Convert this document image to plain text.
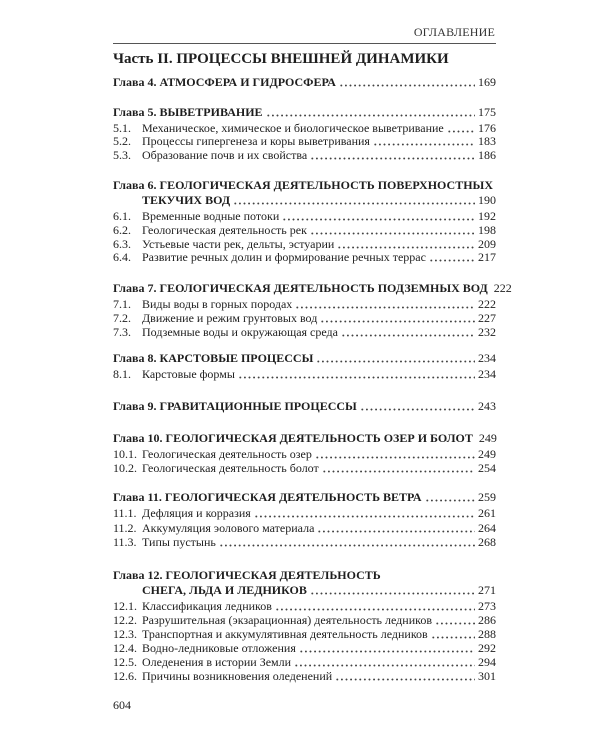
ОГЛАВЛЕНИЕ
Часть II. ПРОЦЕССЫ ВНЕШНЕЙ ДИНАМИКИ
Глава 4. АТМОСФЕРА И ГИДРОСФЕРА	169
Глава 5. ВЫВЕТРИВАНИЕ	175
5.1. Механическое, химическое и биологическое выветривание	176
5.2. Процессы гипергенеза и коры выветривания	183
5.3. Образование почв и их свойства	186
Глава 6. ГЕОЛОГИЧЕСКАЯ ДЕЯТЕЛЬНОСТЬ ПОВЕРХНОСТНЫХ
ТЕКУЧИХ ВОД	190
6.1. Временные водные потоки	192
6.2. Геологическая деятельность рек	198
6.3. Устьевые части рек, дельты, эстуарии	209
6.4. Развитие речных долин и формирование речных террас	217
Глава 7. ГЕОЛОГИЧЕСКАЯ ДЕЯТЕЛЬНОСТЬ ПОДЗЕМНЫХ ВОД 222
7.1. Виды воды в горных породах	222
7.2. Движение и режим грунтовых вод	227
7.3. Подземные воды и окружающая среда	232
Глава 8. КАРСТОВЫЕ ПРОЦЕССЫ	234
8.1. Карстовые формы	234
Глава 9. ГРАВИТАЦИОННЫЕ ПРОЦЕССЫ	243
Глава 10. ГЕОЛОГИЧЕСКАЯ ДЕЯТЕЛЬНОСТЬ ОЗЕР И БОЛОТ 249
10.1. Геологическая деятельность озер	249
10.2. Геологическая деятельность болот	254
Глава 11. ГЕОЛОГИЧЕСКАЯ ДЕЯТЕЛЬНОСТЬ ВЕТРА	259
11.1. Дефляция и корразия	261
11.2. Аккумуляция эолового материала	264
11.3. Типы пустынь	268
Глава 12. ГЕОЛОГИЧЕСКАЯ ДЕЯТЕЛЬНОСТЬ
СНЕГА, ЛЬДА И ЛЕДНИКОВ	271
12.1. Классификация ледников	273
12.2. Разрушительная (экзарационная) деятельность ледников	286
12.3. Транспортная и аккумулятивная деятельность ледников	288
12.4. Водно-ледниковые отложения	292
12.5. Оледенения в истории Земли	294
12.6. Причины возникновения оледенений	301
604
